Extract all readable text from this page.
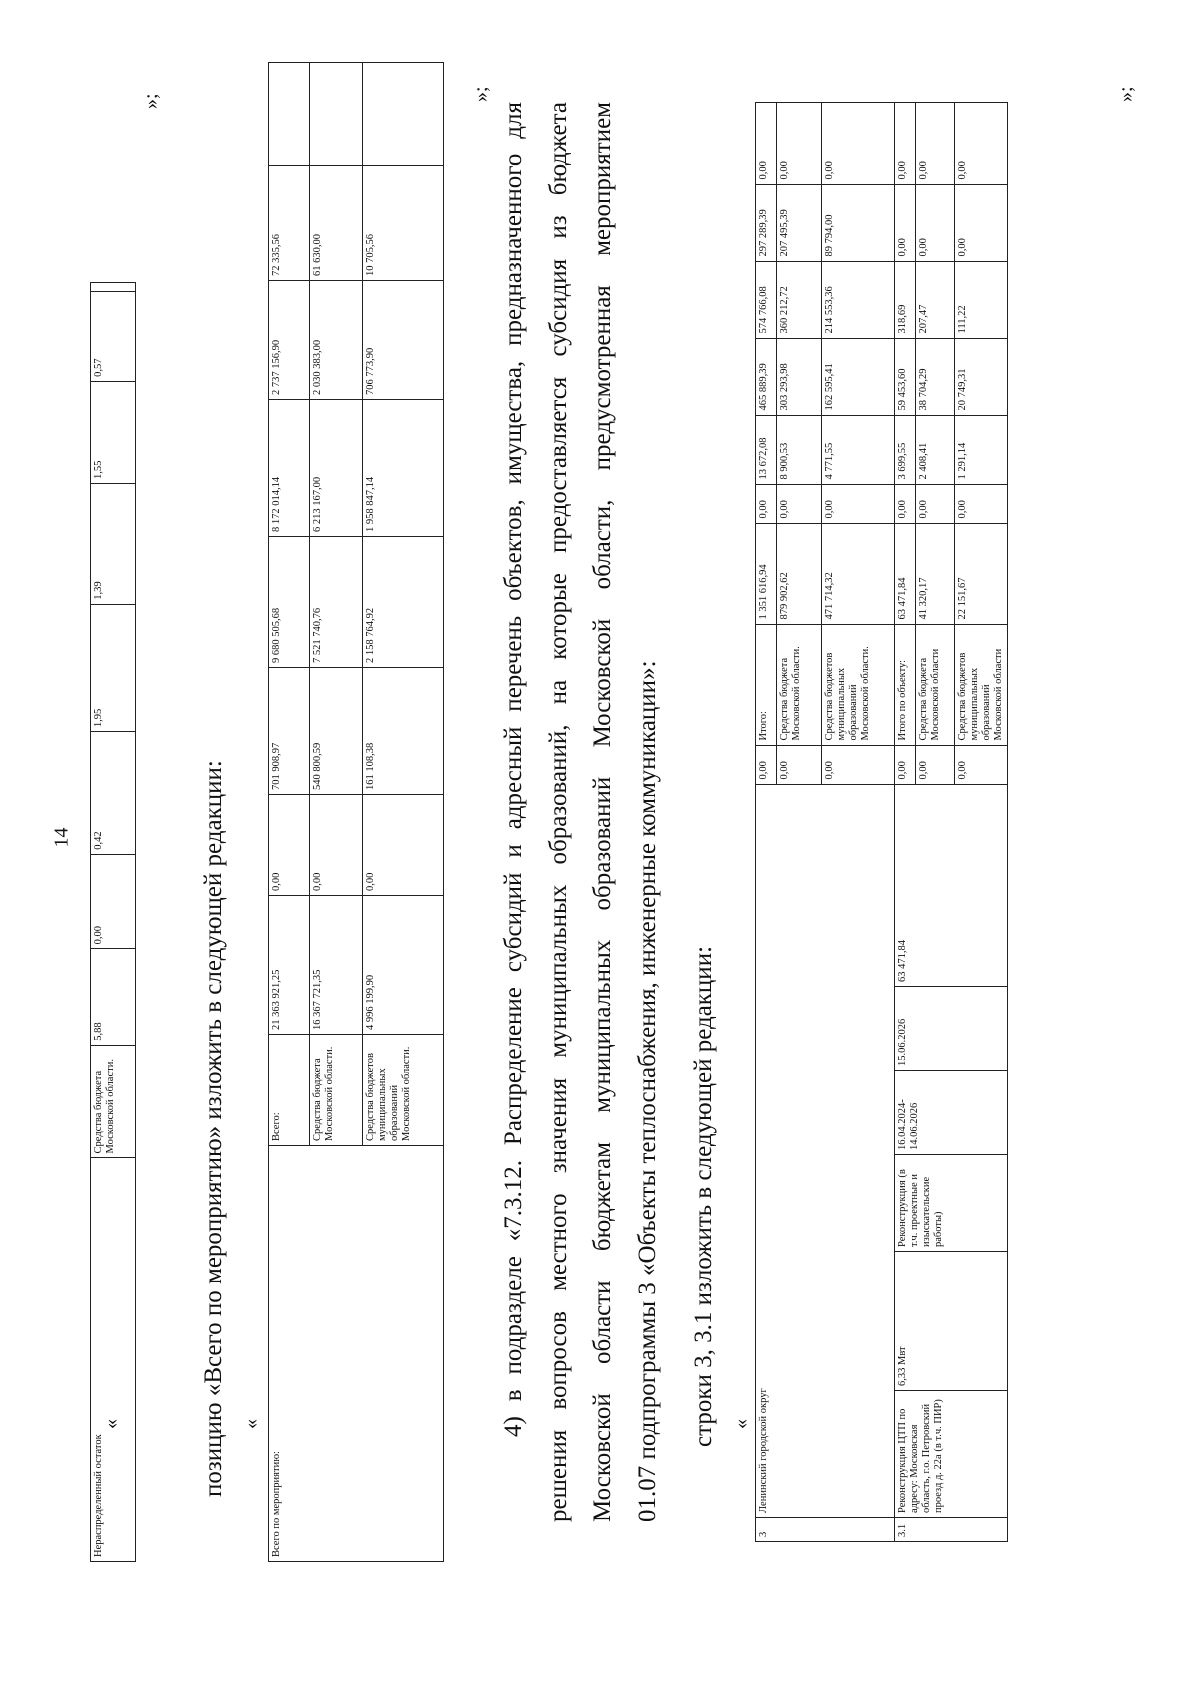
14
«
Нераспределенный остаток	Средства бюджета Московской области.	5,88	0,00	0,42	1,95	1,39	1,55	0,57	
»;
позицию «Всего по мероприятию» изложить в следующей редакции: «
Всего по мероприятию:	Всего:	21 363 921,25	0,00	701 908,97	9 680 505,68	8 172 014,14	2 737 156,90	72 335,56	
	Средства бюджета Московской области.	16 367 721,35	0,00	540 800,59	7 521 740,76	6 213 167,00	2 030 383,00	61 630,00	
	Средства бюджетов муниципальных образований Московской области.	4 996 199,90	0,00	161 108,38	2 158 764,92	1 958 847,14	706 773,90	10 705,56	
»;
4) в подразделе «7.3.12. Распределение субсидий и адресный перечень объектов, имущества, предназначенного для решения вопросов местного значения муниципальных образований, на которые предоставляется субсидия из бюджета Московской области бюджетам муниципальных образований Московской области, предусмотренная мероприятием 01.07 подпрограммы 3 «Объекты теплоснабжения, инженерные коммуникации»: строки 3, 3.1 изложить в следующей редакции: «
3	Ленинский городской округ						0,00	Итого:	1 351 616,94	0,00	13 672,08	465 889,39	574 766,08	297 289,39	0,00
							0,00	Средства бюджета Московской области.	879 902,62	0,00	8 900,53	303 293,98	360 212,72	207 495,39	0,00
							0,00	Средства бюджетов муниципальных образований Московской области.	471 714,32	0,00	4 771,55	162 595,41	214 553,36	89 794,00	0,00
3.1	Реконструкция ЦТП по адресу: Московская область, г.о. Петровский проезд д. 22а (в т.ч. ПИР)	6,33 Мвт	Реконструкция (в т.ч. проектные и изыскательские работы)	16.04.2024-14.06.2026	15.06.2026	63 471,84	0,00	Итого по объекту:	63 471,84	0,00	3 699,55	59 453,60	318,69	0,00	0,00
							0,00	Средства бюджета Московской области	41 320,17	0,00	2 408,41	38 704,29	207,47	0,00	0,00
							0,00	Средства бюджетов муниципальных образований Московской области	22 151,67	0,00	1 291,14	20 749,31	111,22	0,00	0,00
»;
